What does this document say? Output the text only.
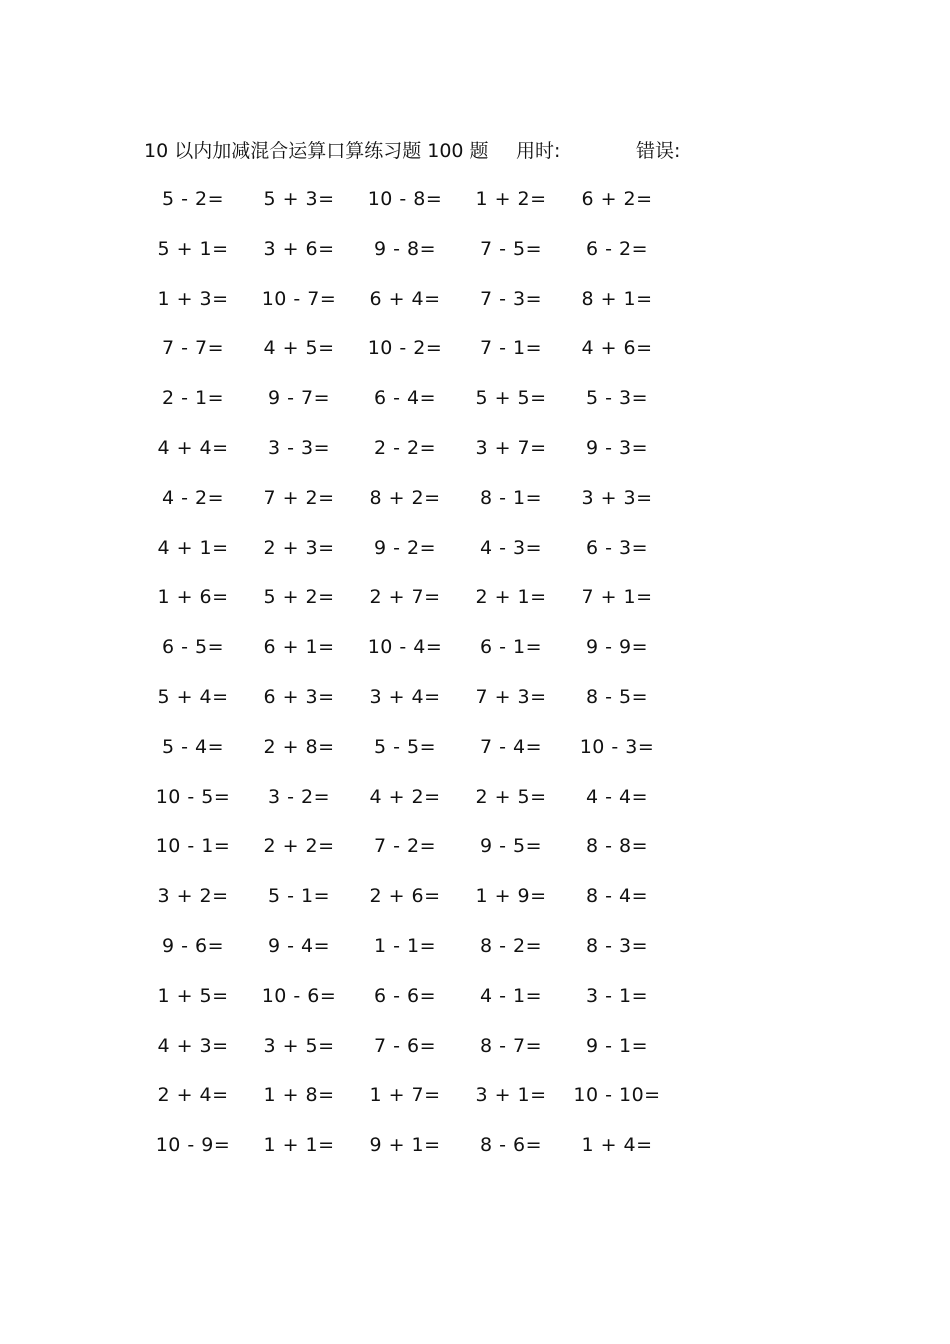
10 以内加减混合运算口算练习题 100 题 用时:	错误:
5 - 2=	5 + 3=	10 - 8=	1 + 2=	6 + 2=
5 + 1=	3 + 6=	9 - 8=	7 - 5=	6 - 2=
1 + 3=	10 - 7=	6 + 4=	7 - 3=	8 + 1=
7 - 7=	4 + 5=	10 - 2=	7 - 1=	4 + 6=
2 - 1=	9 - 7=	6 - 4=	5 + 5=	5 - 3=
4 + 4=	3 - 3=	2 - 2=	3 + 7=	9 - 3=
4 - 2=	7 + 2=	8 + 2=	8 - 1=	3 + 3=
4 + 1=	2 + 3=	9 - 2=	4 - 3=	6 - 3=
1 + 6=	5 + 2=	2 + 7=	2 + 1=	7 + 1=
6 - 5=	6 + 1=	10 - 4=	6 - 1=	9 - 9=
5 + 4=	6 + 3=	3 + 4=	7 + 3=	8 - 5=
5 - 4=	2 + 8=	5 - 5=	7 - 4=	10 - 3=
10 - 5=	3 - 2=	4 + 2=	2 + 5=	4 - 4=
10 - 1=	2 + 2=	7 - 2=	9 - 5=	8 - 8=
3 + 2=	5 - 1=	2 + 6=	1 + 9=	8 - 4=
9 - 6=	9 - 4=	1 - 1=	8 - 2=	8 - 3=
1 + 5=	10 - 6=	6 - 6=	4 - 1=	3 - 1=
4 + 3=	3 + 5=	7 - 6=	8 - 7=	9 - 1=
2 + 4=	1 + 8=	1 + 7=	3 + 1=	10 - 10=
10 - 9=	1 + 1=	9 + 1=	8 - 6=	1 + 4=
